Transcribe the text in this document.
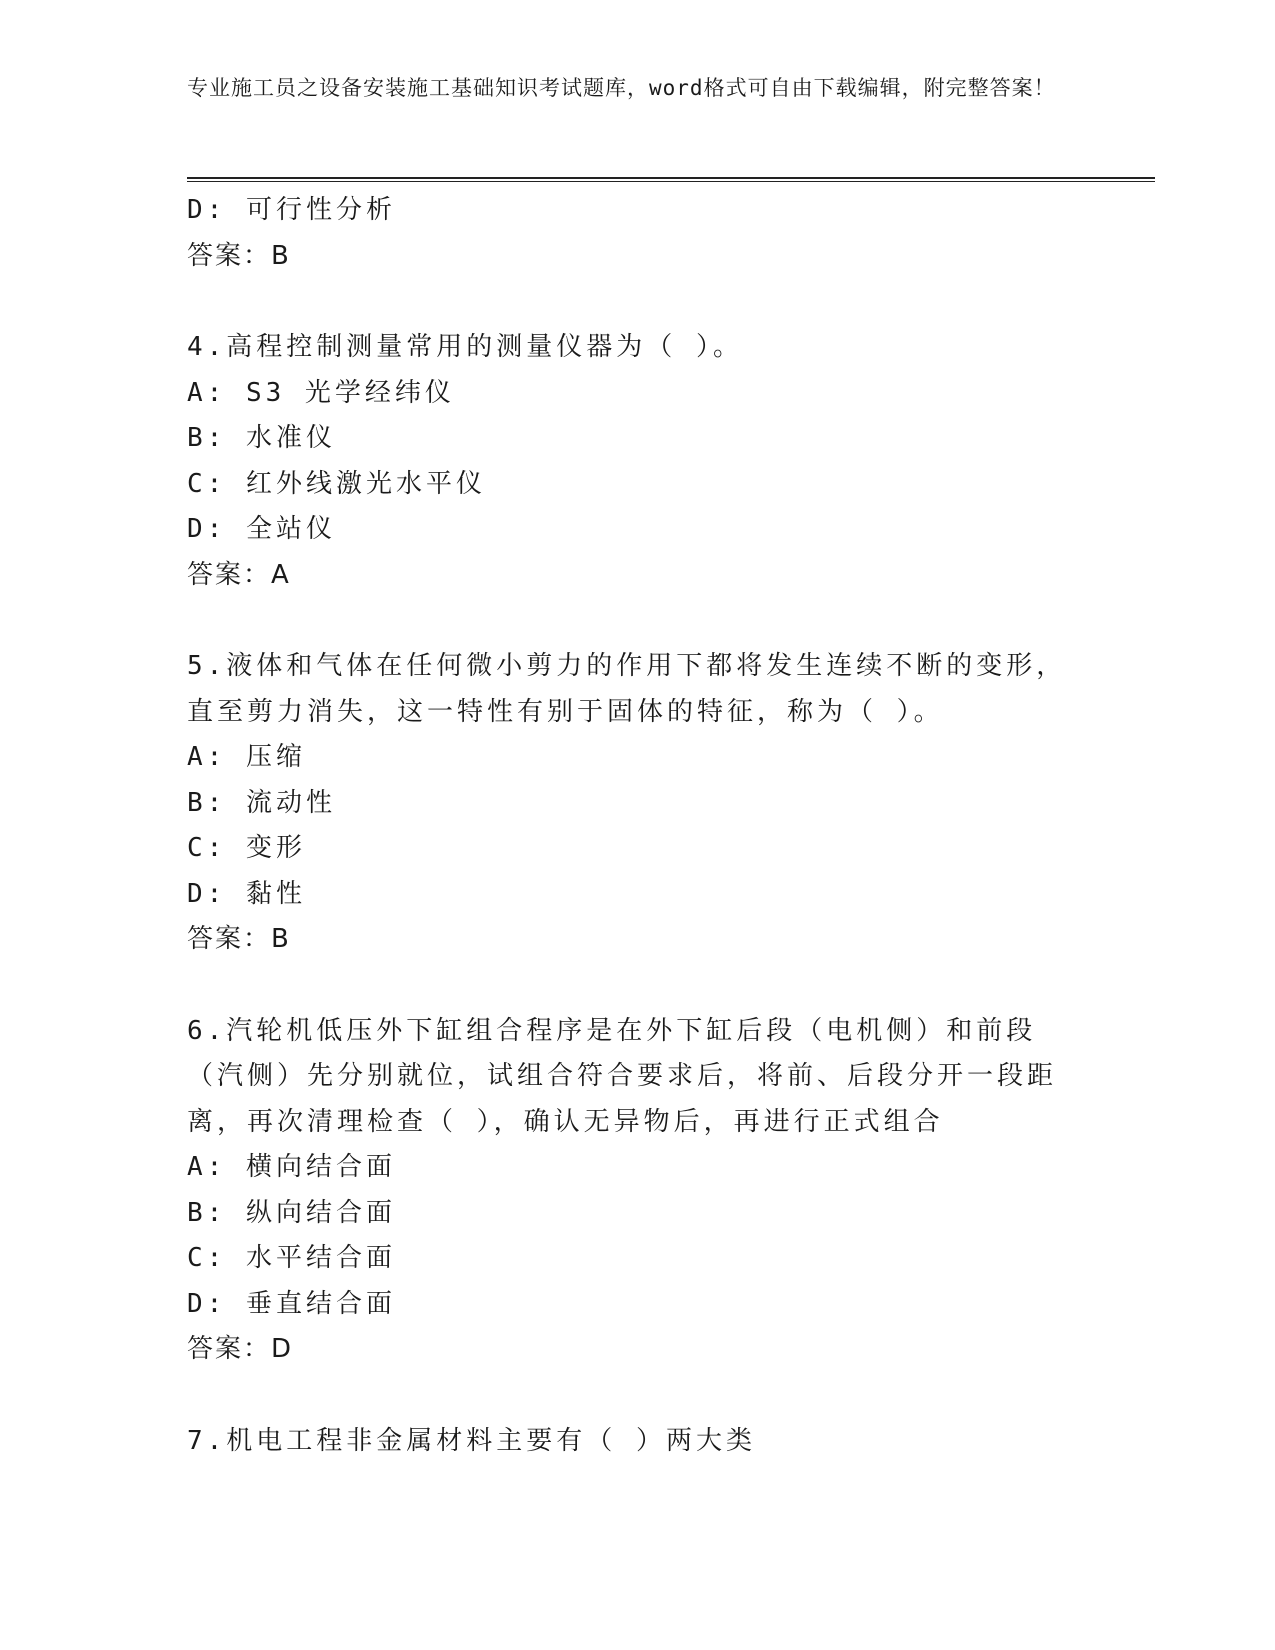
专业施工员之设备安装施工基础知识考试题库，word格式可自由下载编辑，附完整答案！
D: 可行性分析
答案：B
4.高程控制测量常用的测量仪器为（ ）。
A: S3 光学经纬仪
B: 水准仪
C: 红外线激光水平仪
D: 全站仪
答案：A
5.液体和气体在任何微小剪力的作用下都将发生连续不断的变形，直至剪力消失，这一特性有别于固体的特征，称为（ ）。
A: 压缩
B: 流动性
C: 变形
D: 黏性
答案：B
6.汽轮机低压外下缸组合程序是在外下缸后段（电机侧）和前段（汽侧）先分别就位，试组合符合要求后，将前、后段分开一段距离，再次清理检查（ ），确认无异物后，再进行正式组合
A: 横向结合面
B: 纵向结合面
C: 水平结合面
D: 垂直结合面
答案：D
7.机电工程非金属材料主要有（ ）两大类
